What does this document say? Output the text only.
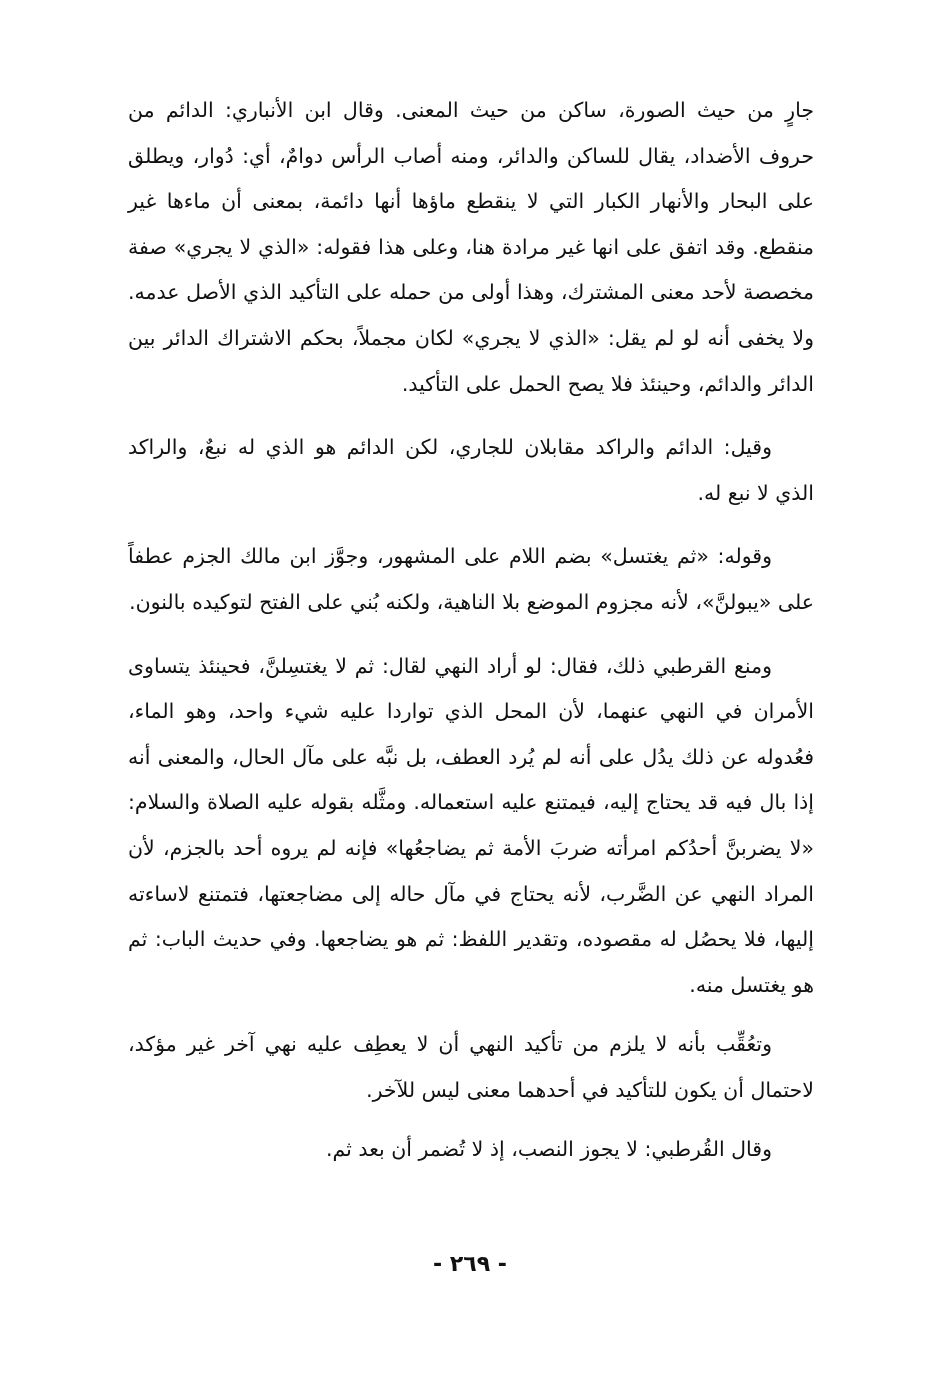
جارٍ من حيث الصورة، ساكن من حيث المعنى. وقال ابن الأنباري: الدائم من حروف الأضداد، يقال للساكن والدائر، ومنه أصاب الرأس دوامٌ، أي: دُوار، ويطلق على البحار والأنهار الكبار التي لا ينقطع ماؤها أنها دائمة، بمعنى أن ماءها غير منقطع. وقد اتفق على انها غير مرادة هنا، وعلى هذا فقوله: «الذي لا يجري» صفة مخصصة لأحد معنى المشترك، وهذا أولى من حمله على التأكيد الذي الأصل عدمه. ولا يخفى أنه لو لم يقل: «الذي لا يجري» لكان مجملاً، بحكم الاشتراك الدائر بين الدائر والدائم، وحينئذ فلا يصح الحمل على التأكيد.

وقيل: الدائم والراكد مقابلان للجاري، لكن الدائم هو الذي له نبعٌ، والراكد الذي لا نبع له.

وقوله: «ثم يغتسل» بضم اللام على المشهور، وجوَّز ابن مالك الجزم عطفاً على «يبولنَّ»، لأنه مجزوم الموضع بلا الناهية، ولكنه بُني على الفتح لتوكيده بالنون.

ومنع القرطبي ذلك، فقال: لو أراد النهي لقال: ثم لا يغتسِلنَّ، فحينئذ يتساوى الأمران في النهي عنهما، لأن المحل الذي تواردا عليه شيء واحد، وهو الماء، فعُدوله عن ذلك يدُل على أنه لم يُرد العطف، بل نبَّه على مآل الحال، والمعنى أنه إذا بال فيه قد يحتاج إليه، فيمتنع عليه استعماله. ومثَّله بقوله عليه الصلاة والسلام: «لا يضربنَّ أحدُكم امرأته ضربَ الأمة ثم يضاجعُها» فإنه لم يروه أحد بالجزم، لأن المراد النهي عن الضَّرب، لأنه يحتاج في مآل حاله إلى مضاجعتها، فتمتنع لاساءته إليها، فلا يحصُل له مقصوده، وتقدير اللفظ: ثم هو يضاجعها. وفي حديث الباب: ثم هو يغتسل منه.

وتعُقِّب بأنه لا يلزم من تأكيد النهي أن لا يعطِف عليه نهي آخر غير مؤكد، لاحتمال أن يكون للتأكيد في أحدهما معنى ليس للآخر.

وقال القُرطبي: لا يجوز النصب، إذ لا تُضمر أن بعد ثم.

- ٢٦٩ -
